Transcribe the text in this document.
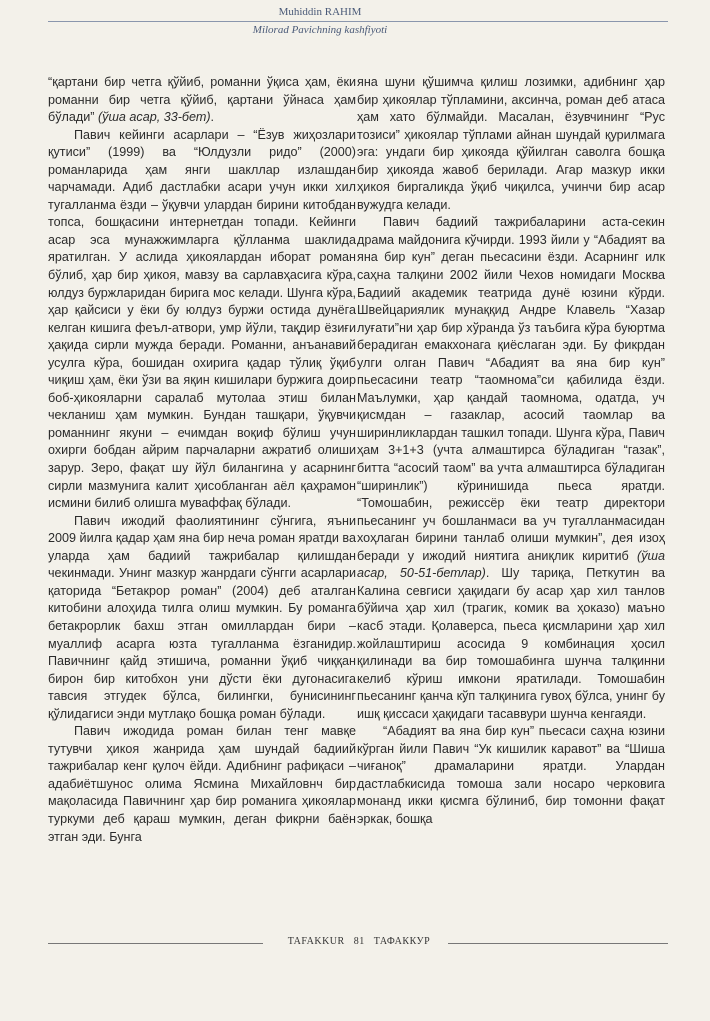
Muhiddin RAHIM
Milorad Pavichning kashfiyoti

“қартани бир четга қўйиб, романни ўқиса ҳам, ёки романни бир четга қўйиб, қартани ўйнаса ҳам бўлади” (ўша асар, 33-бет).

Павич кейинги асарлари – “Ёзув жиҳозлари қутиси” (1999) ва “Юлдузли ридо” (2000) романларида ҳам янги шакллар излашдан чарчамади. Адиб дастлабки асари учун икки хил тугалланма ёзди – ўқувчи улардан бирини китобдан топса, бошқасини интернетдан топади. Кейинги асар эса мунажжимларга қўлланма шаклида яратилган. У аслида ҳикоялардан иборат роман бўлиб, ҳар бир ҳикоя, мавзу ва сарлавҳасига кўра, юлдуз буржларидан бирига мос келади. Шунга кўра, ҳар қайсиси у ёки бу юлдуз буржи остида дунёга келган кишига феъл-атвори, умр йўли, тақдир ёзиғи ҳақида сирли мужда беради. Романни, анъанавий усулга кўра, бошидан охирига қадар тўлиқ ўқиб чиқиш ҳам, ёки ўзи ва яқин кишилари буржига доир боб-ҳикояларни саралаб мутолаа этиш билан чекланиш ҳам мумкин. Бундан ташқари, ўқувчи романнинг якуни – ечимдан воқиф бўлиш учун охирги бобдан айрим парчаларни ажратиб олиши зарур. Зеро, фақат шу йўл билангина у асарнинг сирли мазмунига калит ҳисобланган аёл қаҳрамон исмини билиб олишга муваффақ бўлади.

Павич ижодий фаолиятининг сўнгига, яъни 2009 йилга қадар ҳам яна бир неча роман яратди ва уларда ҳам бадиий тажрибалар қилишдан чекинмади. Унинг мазкур жанрдаги сўнгги асарлари қаторида “Бетакрор роман” (2004) деб аталган китобини алоҳида тилга олиш мумкин. Бу романга бетакрорлик бахш этган омиллардан бири – муаллиф асарга юзта тугалланма ёзганидир. Павичнинг қайд этишича, романни ўқиб чиққан бирон бир китобхон уни дўсти ёки дугонасига тавсия этгудек бўлса, билингки, бунисининг қўлидагиси энди мутлақо бошқа роман бўлади.

Павич ижодида роман билан тенг мавқе тутувчи ҳикоя жанрида ҳам шундай бадиий тажрибалар кенг қулоч ёйди. Адибнинг рафиқаси – адабиётшунос олима Ясмина Михайловнч бир мақоласида Павичнинг ҳар бир романига ҳикоялар туркуми деб қараш мумкин, деган фикрни баён этган эди. Бунга

яна шуни қўшимча қилиш лозимки, адибнинг ҳар бир ҳикоялар тўпламини, аксинча, роман деб атаса ҳам хато бўлмайди. Масалан, ёзувчининг “Рус тозиси” ҳикоялар тўплами айнан шундай қурилмага эга: ундаги бир ҳикояда қўйилган саволга бошқа бир ҳикояда жавоб берилади. Агар мазкур икки ҳикоя биргаликда ўқиб чиқилса, учинчи бир асар вужудга келади.

Павич бадиий тажрибаларини аста-секин драма майдонига кўчирди. 1993 йили у “Абадият ва яна бир кун” деган пьесасини ёзди. Асарнинг илк саҳна талқини 2002 йили Чехов номидаги Москва Бадиий академик театрида дунё юзини кўрди. Швейцариялик мунаққид Андре Клавель “Хазар луғати”ни ҳар бир хўранда ўз таъбига кўра буюртма берадиган емакхонага қиёслаган эди. Бу фикрдан улги олган Павич “Абадият ва яна бир кун” пьесасини театр “таомнома”си қабилида ёзди. Маълумки, ҳар қандай таомнома, одатда, уч қисмдан – газаклар, асосий таомлар ва ширинликлардан ташкил топади. Шунга кўра, Павич ҳам 3+1+3 (учта алмаштирса бўладиган “газак”, битта “асосий таом” ва учта алмаштирса бўладиган “ширинлик”) кўринишида пьеса яратди. “Томошабин, режиссёр ёки театр директори пьесанинг уч бошланмаси ва уч тугалланмасидан хоҳлаган бирини танлаб олиши мумкин”, дея изоҳ беради у ижодий ниятига аниқлик киритиб (ўша асар, 50-51-бетлар). Шу тариқа, Петкутин ва Калина севгиси ҳақидаги бу асар ҳар хил танлов бўйича ҳар хил (трагик, комик ва ҳоказо) маъно касб этади. Қолаверса, пьеса қисмларини ҳар хил жойлаштириш асосида 9 комбинация ҳосил қилинади ва бир томошабинга шунча талқинни келиб кўриш имкони яратилади. Томошабин пьесанинг қанча кўп талқинига гувоҳ бўлса, унинг бу ишқ қиссаси ҳақидаги тасаввури шунча кенгаяди.

“Абадият ва яна бир кун” пьесаси саҳна юзини кўрган йили Павич “Ук кишилик каравот” ва “Шиша чиғаноқ” драмаларини яратди. Улардан дастлабкисида томоша зали носаро черковига монанд икки қисмга бўлиниб, бир томонни фақат эркак, бошқа

TAFAKKUR   81   ТАФАККУР
